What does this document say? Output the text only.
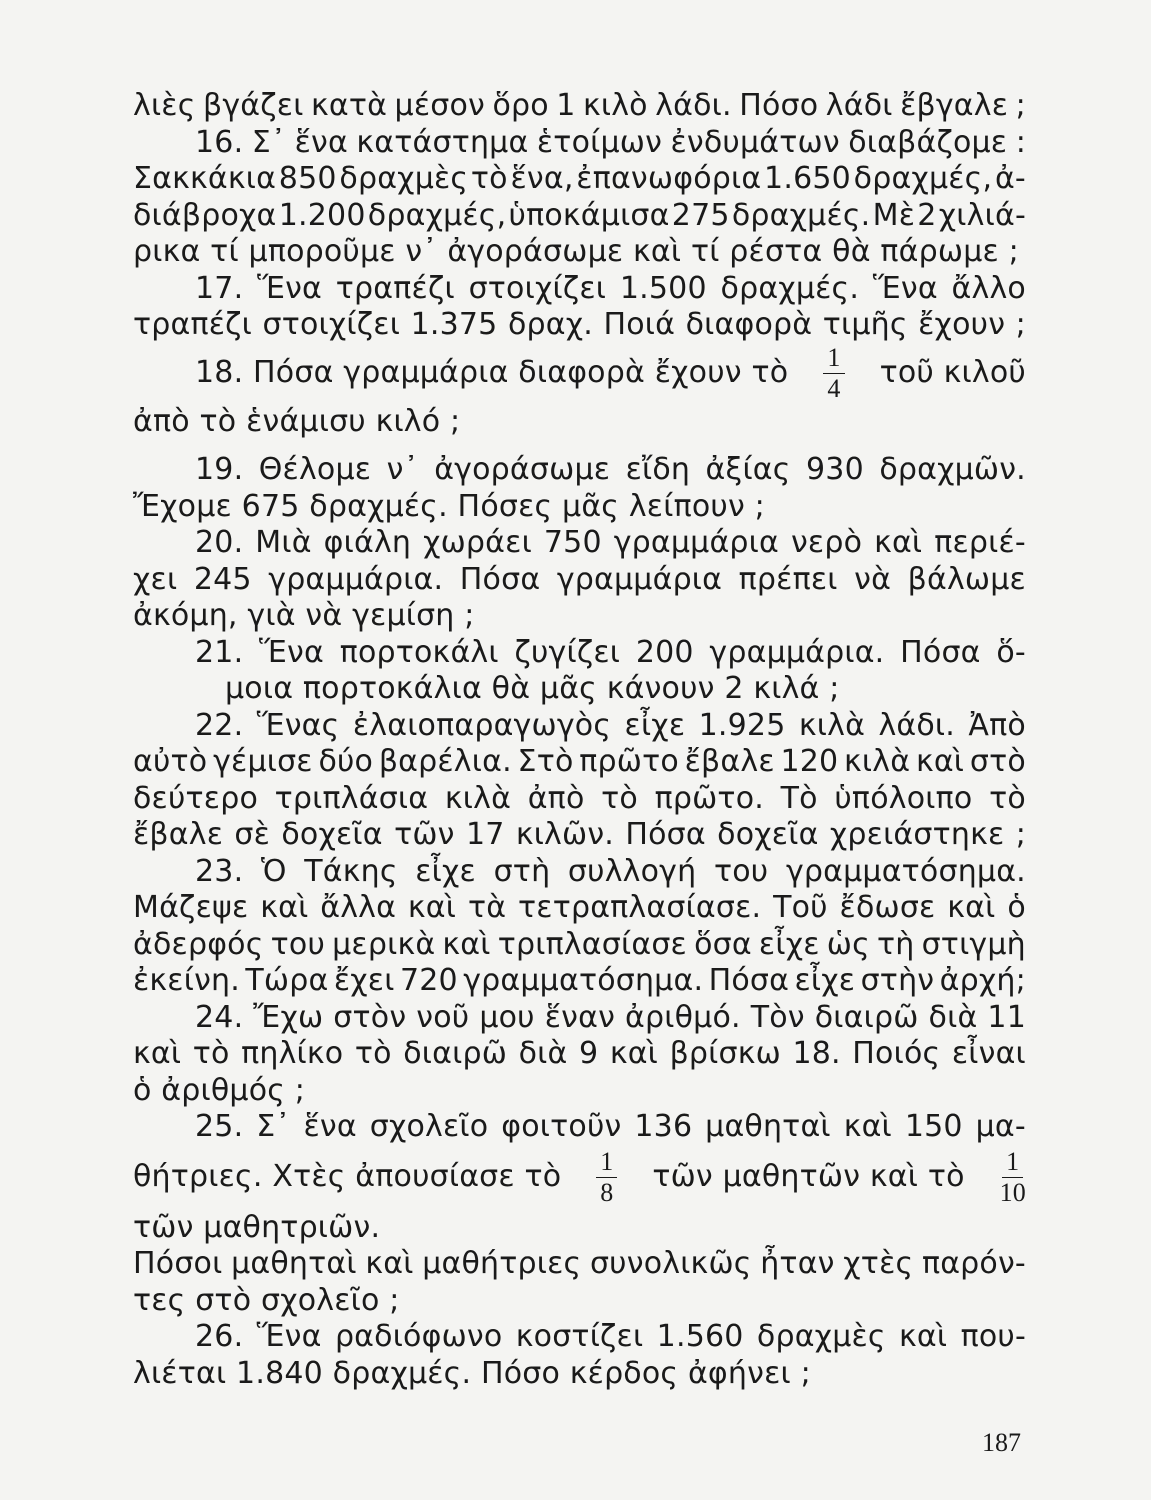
λιὲς βγάζει κατὰ μέσον ὅρο 1 κιλὸ λάδι. Πόσο λάδι ἔβγαλε ;
16. Σ᾽ ἕνα κατάστημα ἑτοίμων ἐνδυμάτων διαβάζομε :
Σακκάκια 850 δραχμὲς τὸ ἕνα, ἐπανωφόρια 1.650 δραχμές, ἀ-
διάβροχα 1.200 δραχμές, ὑποκάμισα 275 δραχμές. Μὲ 2 χιλιά-
ρικα τί μποροῦμε ν᾽ ἀγοράσωμε καὶ τί ρέστα θὰ πάρωμε ;
17. Ἕνα τραπέζι στοιχίζει 1.500 δραχμές. Ἕνα ἄλλο
τραπέζι στοιχίζει 1.375 δραχ. Ποιά διαφορὰ τιμῆς ἔχουν ;
18. Πόσα γραμμάρια διαφορὰ ἔχουν τὸ $\frac{1}{4}$ τοῦ κιλοῦ
ἀπὸ τὸ ἑνάμισυ κιλό ;
19. Θέλομε ν᾽ ἀγοράσωμε εἴδη ἀξίας 930 δραχμῶν.
Ἔχομε 675 δραχμές. Πόσες μᾶς λείπουν ;
20. Μιὰ φιάλη χωράει 750 γραμμάρια νερὸ καὶ περιέ-
χει 245 γραμμάρια. Πόσα γραμμάρια πρέπει νὰ βάλωμε
ἀκόμη, γιὰ νὰ γεμίση ;
21. Ἕνα πορτοκάλι ζυγίζει 200 γραμμάρια. Πόσα ὅ-
μοια πορτοκάλια θὰ μᾶς κάνουν 2 κιλά ;
22. Ἕνας ἐλαιοπαραγωγὸς εἶχε 1.925 κιλὰ λάδι. Ἀπὸ
αὐτὸ γέμισε δύο βαρέλια. Στὸ πρῶτο ἔβαλε 120 κιλὰ καὶ στὸ
δεύτερο τριπλάσια κιλὰ ἀπὸ τὸ πρῶτο. Τὸ ὑπόλοιπο τὸ
ἔβαλε σὲ δοχεῖα τῶν 17 κιλῶν. Πόσα δοχεῖα χρειάστηκε ;
23. Ὁ Τάκης εἶχε στὴ συλλογή του γραμματόσημα.
Μάζεψε καὶ ἄλλα καὶ τὰ τετραπλασίασε. Τοῦ ἔδωσε καὶ ὁ
ἀδερφός του μερικὰ καὶ τριπλασίασε ὅσα εἶχε ὡς τὴ στιγμὴ
ἐκείνη. Τώρα ἔχει 720 γραμματόσημα. Πόσα εἶχε στὴν ἀρχή;
24. Ἔχω στὸν νοῦ μου ἕναν ἀριθμό. Τὸν διαιρῶ διὰ 11
καὶ τὸ πηλίκο τὸ διαιρῶ διὰ 9 καὶ βρίσκω 18. Ποιός εἶναι
ὁ ἀριθμός ;
25. Σ᾽ ἕνα σχολεῖο φοιτοῦν 136 μαθηταὶ καὶ 150 μα-
θήτριες. Χτὲς ἀπουσίασε τὸ $\frac{1}{8}$ τῶν μαθητῶν καὶ τὸ $\frac{1}{10}$
τῶν μαθητριῶν.
Πόσοι μαθηταὶ καὶ μαθήτριες συνολικῶς ἦταν χτὲς παρόν-
τες στὸ σχολεῖο ;
26. Ἕνα ραδιόφωνο κοστίζει 1.560 δραχμὲς καὶ που-
λιέται 1.840 δραχμές. Πόσο κέρδος ἀφήνει ;
187
